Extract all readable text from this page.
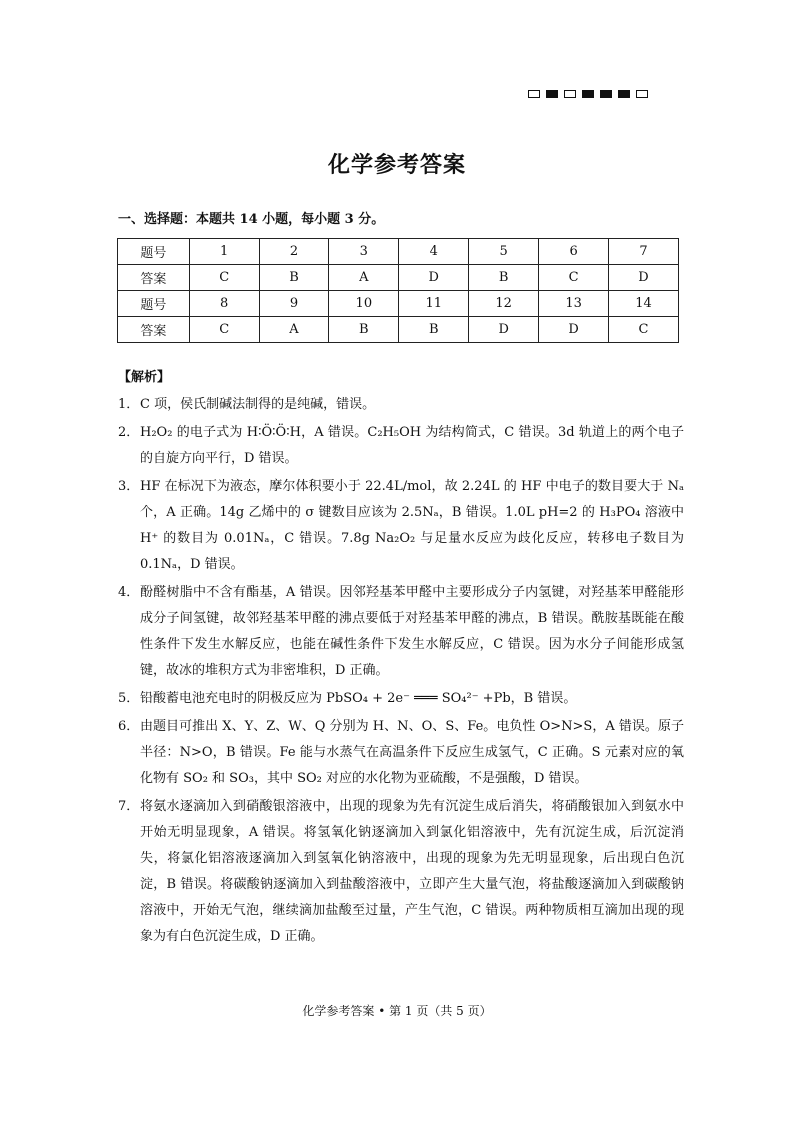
化学参考答案
一、选择题：本题共 14 小题，每小题 3 分。
题号	1	2	3	4	5	6	7
答案	C	B	A	D	B	C	D
题号	8	9	10	11	12	13	14
答案	C	A	B	B	D	D	C
【解析】
1． C 项，侯氏制碱法制得的是纯碱，错误。
2． H₂O₂ 的电子式为 H∶Ö∶Ö∶H，A 错误。C₂H₅OH 为结构简式，C 错误。3d 轨道上的两个电子的自旋方向平行，D 错误。
3． HF 在标况下为液态，摩尔体积要小于 22.4L/mol，故 2.24L 的 HF 中电子的数目要大于 Nₐ 个，A 正确。14g 乙烯中的 σ 键数目应该为 2.5Nₐ，B 错误。1.0L pH=2 的 H₃PO₄ 溶液中 H⁺ 的数目为 0.01Nₐ，C 错误。7.8g Na₂O₂ 与足量水反应为歧化反应，转移电子数目为 0.1Nₐ，D 错误。
4． 酚醛树脂中不含有酯基，A 错误。因邻羟基苯甲醛中主要形成分子内氢键，对羟基苯甲醛能形成分子间氢键，故邻羟基苯甲醛的沸点要低于对羟基苯甲醛的沸点，B 错误。酰胺基既能在酸性条件下发生水解反应，也能在碱性条件下发生水解反应，C 错误。因为水分子间能形成氢键，故冰的堆积方式为非密堆积，D 正确。
5． 铅酸蓄电池充电时的阴极反应为 PbSO₄ + 2e⁻ ═══ SO₄²⁻ +Pb，B 错误。
6． 由题目可推出 X、Y、Z、W、Q 分别为 H、N、O、S、Fe。电负性 O>N>S，A 错误。原子半径：N>O，B 错误。Fe 能与水蒸气在高温条件下反应生成氢气，C 正确。S 元素对应的氧化物有 SO₂ 和 SO₃，其中 SO₂ 对应的水化物为亚硫酸，不是强酸，D 错误。
7． 将氨水逐滴加入到硝酸银溶液中，出现的现象为先有沉淀生成后消失，将硝酸银加入到氨水中开始无明显现象，A 错误。将氢氧化钠逐滴加入到氯化铝溶液中，先有沉淀生成，后沉淀消失，将氯化铝溶液逐滴加入到氢氧化钠溶液中，出现的现象为先无明显现象，后出现白色沉淀，B 错误。将碳酸钠逐滴加入到盐酸溶液中，立即产生大量气泡，将盐酸逐滴加入到碳酸钠溶液中，开始无气泡，继续滴加盐酸至过量，产生气泡，C 错误。两种物质相互滴加出现的现象为有白色沉淀生成，D 正确。
化学参考答案 • 第 1 页（共 5 页）
